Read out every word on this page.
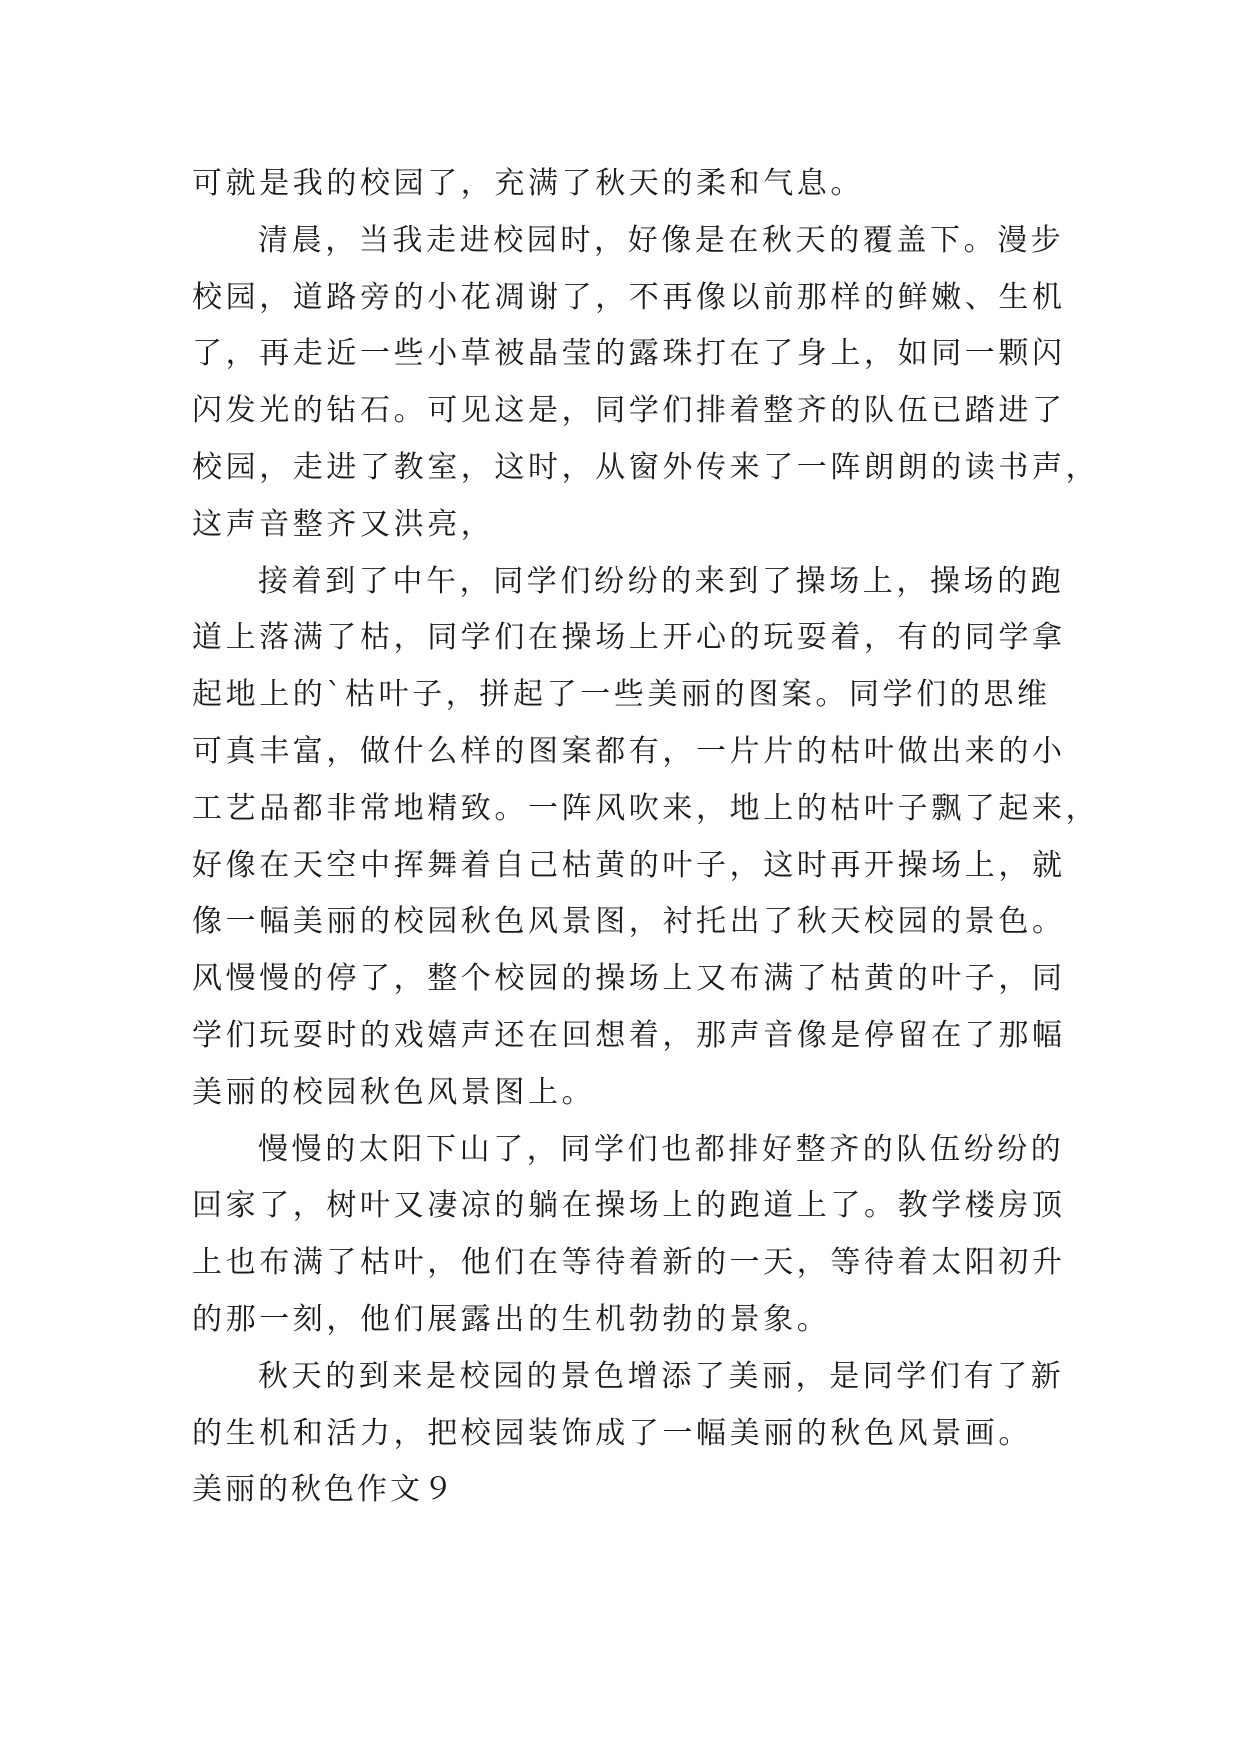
可就是我的校园了，充满了秋天的柔和气息。
清晨，当我走进校园时，好像是在秋天的覆盖下。漫步
校园，道路旁的小花凋谢了，不再像以前那样的鲜嫩、生机
了，再走近一些小草被晶莹的露珠打在了身上，如同一颗闪
闪发光的钻石。可见这是，同学们排着整齐的队伍已踏进了
校园，走进了教室，这时，从窗外传来了一阵朗朗的读书声，
这声音整齐又洪亮，
接着到了中午，同学们纷纷的来到了操场上，操场的跑
道上落满了枯，同学们在操场上开心的玩耍着，有的同学拿
起地上的`枯叶子，拼起了一些美丽的图案。同学们的思维
可真丰富，做什么样的图案都有，一片片的枯叶做出来的小
工艺品都非常地精致。一阵风吹来，地上的枯叶子飘了起来，
好像在天空中挥舞着自己枯黄的叶子，这时再开操场上，就
像一幅美丽的校园秋色风景图，衬托出了秋天校园的景色。
风慢慢的停了，整个校园的操场上又布满了枯黄的叶子，同
学们玩耍时的戏嬉声还在回想着，那声音像是停留在了那幅
美丽的校园秋色风景图上。
慢慢的太阳下山了，同学们也都排好整齐的队伍纷纷的
回家了，树叶又凄凉的躺在操场上的跑道上了。教学楼房顶
上也布满了枯叶，他们在等待着新的一天，等待着太阳初升
的那一刻，他们展露出的生机勃勃的景象。
秋天的到来是校园的景色增添了美丽，是同学们有了新
的生机和活力，把校园装饰成了一幅美丽的秋色风景画。
美丽的秋色作文９
